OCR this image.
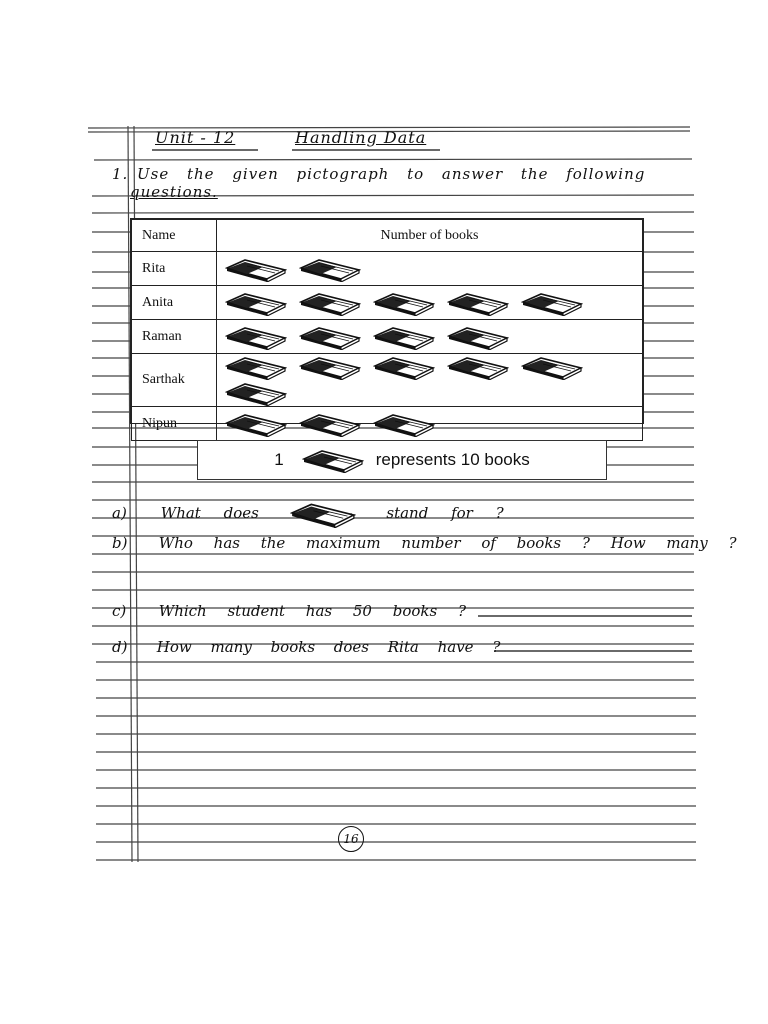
Unit - 12	Handling Data
1. Use the given pictograph to answer the following
questions.
Name	Number of books
Rita	

Anita	

Raman	

Sarthak	

Nipun	
1	represents 10 books
a) What does	stand for ?
b) Who has the maximum number of books ? How many ?
c) Which student has 50 books ?
d) How many books does Rita have ?
16
